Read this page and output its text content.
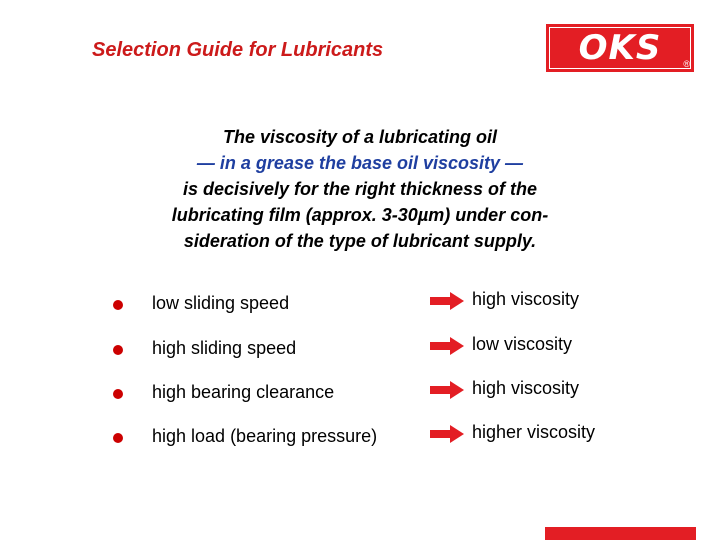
Selection Guide for Lubricants	OKS ®
The viscosity of a lubricating oil
— in a grease the base oil viscosity —
is decisively for the right thickness of the
lubricating film (approx. 3-30µm) under con-
sideration of the type of lubricant supply.
low sliding speed	high viscosity
high sliding speed	low viscosity
high bearing clearance	high viscosity
high load (bearing pressure)	higher viscosity
